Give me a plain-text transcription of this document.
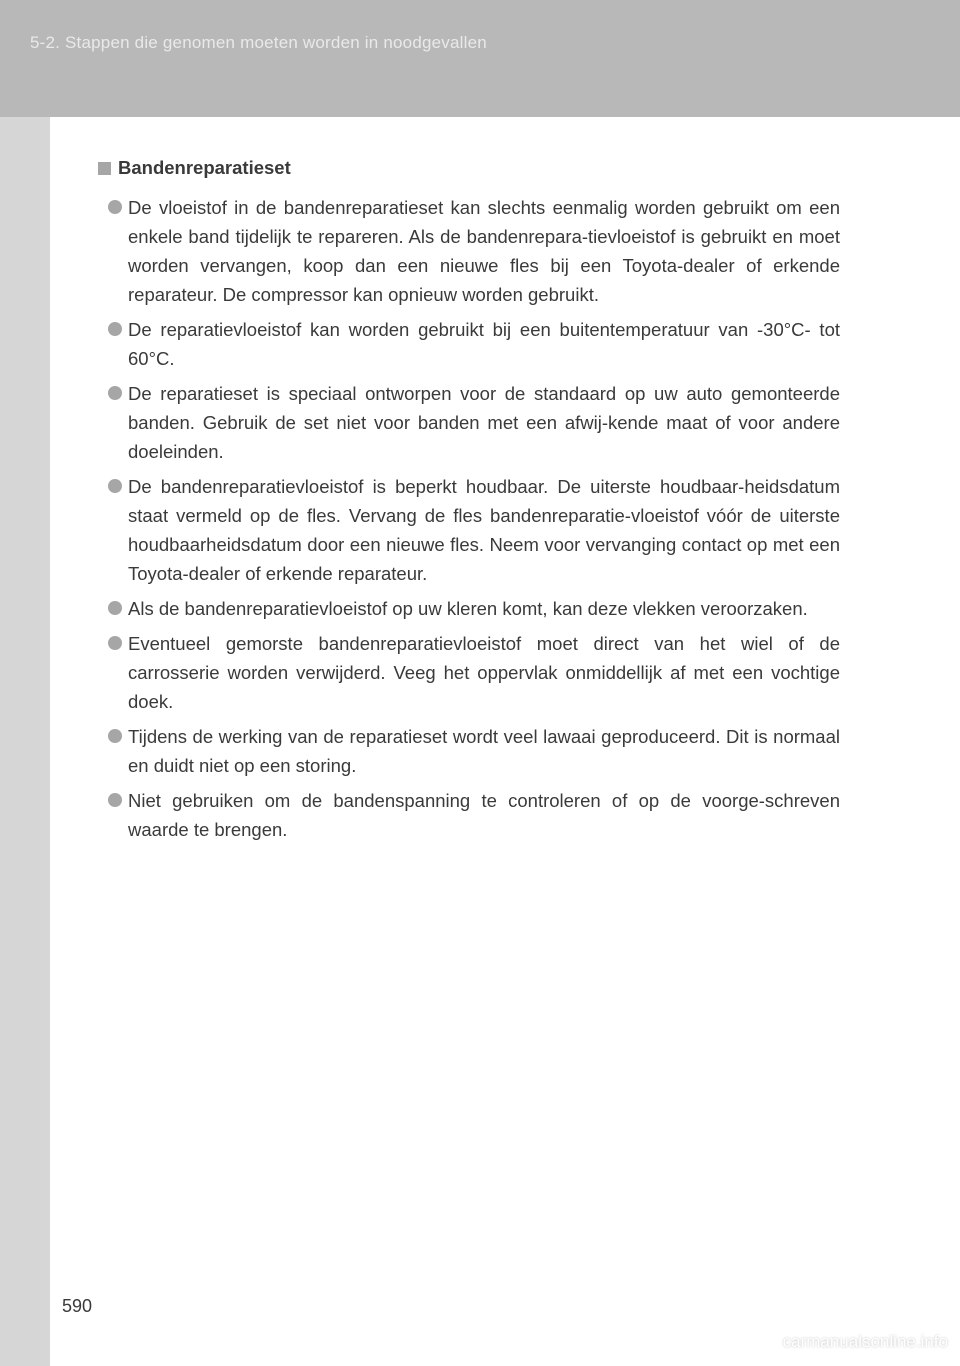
5-2. Stappen die genomen moeten worden in noodgevallen
Bandenreparatieset
De vloeistof in de bandenreparatieset kan slechts eenmalig worden gebruikt om een enkele band tijdelijk te repareren. Als de bandenrepara-tievloeistof is gebruikt en moet worden vervangen, koop dan een nieuwe fles bij een Toyota-dealer of erkende reparateur. De compressor kan opnieuw worden gebruikt.
De reparatievloeistof kan worden gebruikt bij een buitentemperatuur van -30°C- tot 60°C.
De reparatieset is speciaal ontworpen voor de standaard op uw auto gemonteerde banden. Gebruik de set niet voor banden met een afwij-kende maat of voor andere doeleinden.
De bandenreparatievloeistof is beperkt houdbaar. De uiterste houdbaar-heidsdatum staat vermeld op de fles. Vervang de fles bandenreparatie-vloeistof vóór de uiterste houdbaarheidsdatum door een nieuwe fles. Neem voor vervanging contact op met een Toyota-dealer of erkende reparateur.
Als de bandenreparatievloeistof op uw kleren komt, kan deze vlekken veroorzaken.
Eventueel gemorste bandenreparatievloeistof moet direct van het wiel of de carrosserie worden verwijderd. Veeg het oppervlak onmiddellijk af met een vochtige doek.
Tijdens de werking van de reparatieset wordt veel lawaai geproduceerd. Dit is normaal en duidt niet op een storing.
Niet gebruiken om de bandenspanning te controleren of op de voorge-schreven waarde te brengen.

590

carmanualsonline.info
